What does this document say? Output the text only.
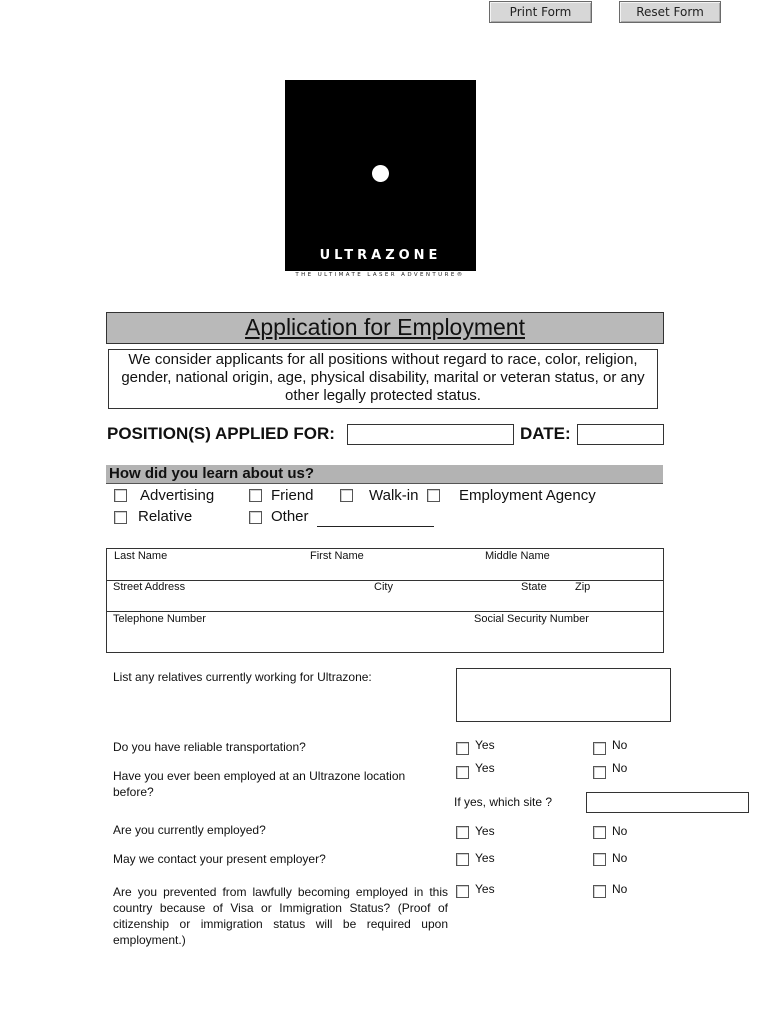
Print Form	Reset Form
ULTRAZONE
THE ULTIMATE LASER ADVENTURE®
Application for Employment
We consider applicants for all positions without regard to race, color, religion, gender, national origin, age, physical disability, marital or veteran status, or any other legally protected status.
POSITION(S) APPLIED FOR:	DATE:
How did you learn about us?
Advertising	Friend	Walk-in	Employment Agency
Relative	Other
Last Name	First Name	Middle Name
Street Address	City	State	Zip
Telephone Number	Social Security Number
List any relatives currently working for Ultrazone:
Do you have reliable transportation?	Yes	No
Have you ever been employed at an Ultrazone location before?
Yes	No
If yes, which site ?
Are you currently employed?	Yes	No
May we contact your present employer?	Yes	No
Are you prevented from lawfully becoming employed in this country because of Visa or Immigration Status? (Proof of citizenship or immigration status will be required upon employment.)
Yes	No
